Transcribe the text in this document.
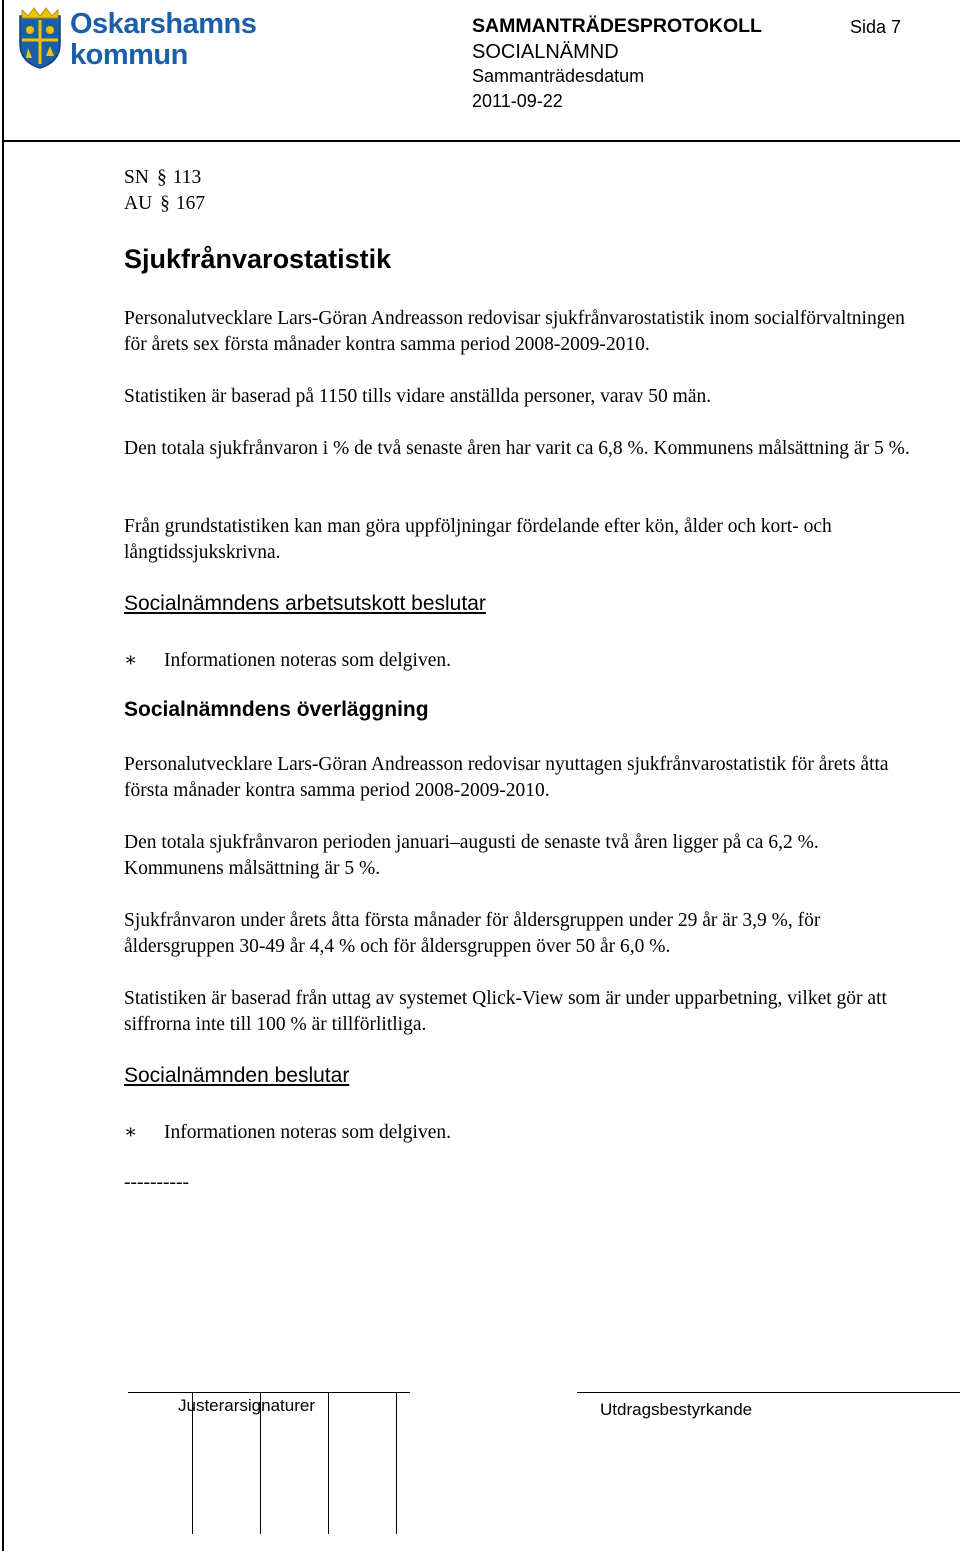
Oskarshamns
kommun
SAMMANTRÄDESPROTOKOLL
SOCIALNÄMND
Sammanträdesdatum
2011-09-22
Sida 7
SN § 113
AU § 167
Sjukfrånvarostatistik
Personalutvecklare Lars-Göran Andreasson redovisar sjukfrånvarostatistik inom socialförvaltningen för årets sex första månader kontra samma period 2008-2009-2010.
Statistiken är baserad på 1150 tills vidare anställda personer, varav 50 män.
Den totala sjukfrånvaron i % de två senaste åren har varit ca 6,8 %. Kommunens målsättning är 5 %.
Från grundstatistiken kan man göra uppföljningar fördelande efter kön, ålder och kort- och långtidssjukskrivna.
Socialnämndens arbetsutskott beslutar
∗ Informationen noteras som delgiven.
Socialnämndens överläggning
Personalutvecklare Lars-Göran Andreasson redovisar nyuttagen sjukfrånvarostatistik för årets åtta första månader kontra samma period 2008-2009-2010.
Den totala sjukfrånvaron perioden januari–augusti de senaste två åren ligger på ca 6,2 %. Kommunens målsättning är 5 %.
Sjukfrånvaron under årets åtta första månader för åldersgruppen under 29 år är 3,9 %, för åldersgruppen 30-49 år 4,4 % och för åldersgruppen över 50 år 6,0 %.
Statistiken är baserad från uttag av systemet Qlick-View som är under upparbetning, vilket gör att siffrorna inte till 100 % är tillförlitliga.
Socialnämnden beslutar
∗ Informationen noteras som delgiven.
----------
Justerarsignaturer	Utdragsbestyrkande
